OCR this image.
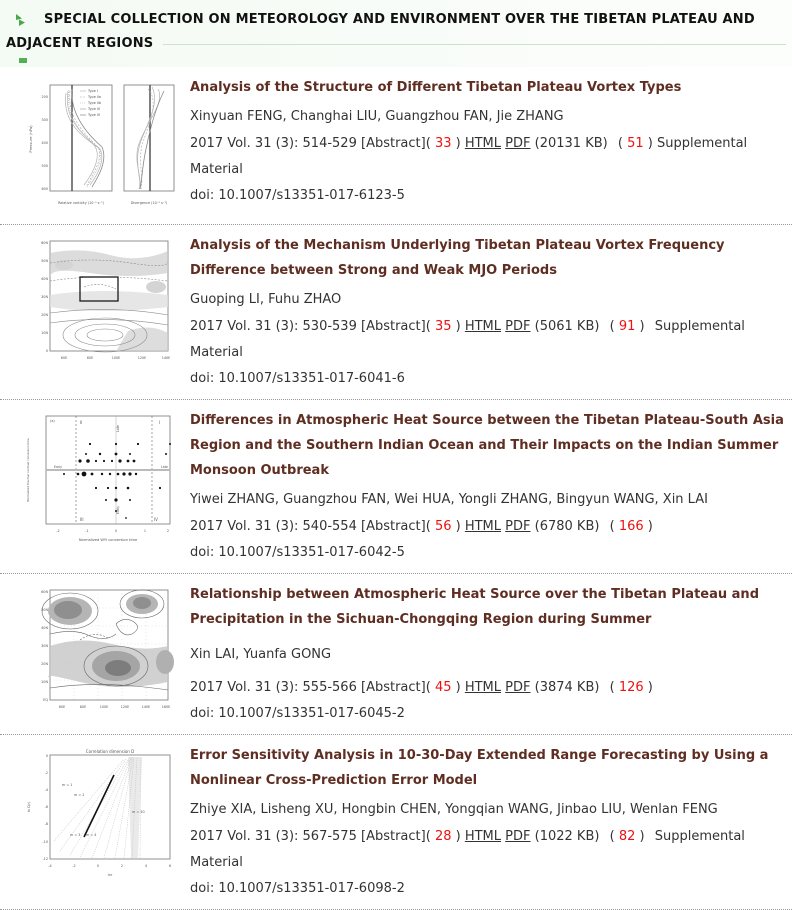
SPECIAL COLLECTION ON METEOROLOGY AND ENVIRONMENT OVER THE TIBETAN PLATEAU AND
ADJACENT REGIONS
Type I
Type IIa
Type IIb
Type III
Type IV
200
300
400
500
600
Pressure (hPa)
Relative vorticity (10⁻⁵ s⁻¹)	Divergence (10⁻⁵ s⁻¹)
Analysis of the Structure of Different Tibetan Plateau Vortex Types
Xinyuan FENG, Changhai LIU, Guangzhou FAN, Jie ZHANG
2017 Vol. 31 (3): 514-529 [Abstract]( 33 ) HTML PDF (20131 KB) ( 51 ) Supplemental Material
doi: 10.1007/s13351-017-6123-5
60N
50N
40N
30N
20N
10N
0
60E	80E	100E	120E	140E
Analysis of the Mechanism Underlying Tibetan Plateau Vortex Frequency Difference between Strong and Weak MJO Periods
Guoping LI, Fuhu ZHAO
2017 Vol. 31 (3): 530-539 [Abstract]( 35 ) HTML PDF (5061 KB) ( 91 ) Supplemental Material
doi: 10.1007/s13351-017-6041-6
II	I
III	IV
(a)
Early	Late
Late
Early
-2	-1	0	1	2
Normalized WYI conversion time
Normalized thermal contrast conversion time
Differences in Atmospheric Heat Source between the Tibetan Plateau-South Asia Region and the Southern Indian Ocean and Their Impacts on the Indian Summer Monsoon Outbreak
Yiwei ZHANG, Guangzhou FAN, Wei HUA, Yongli ZHANG, Bingyun WANG, Xin LAI
2017 Vol. 31 (3): 540-554 [Abstract]( 56 ) HTML PDF (6780 KB) ( 166 )
doi: 10.1007/s13351-017-6042-5
60N
50N
40N
30N
20N
10N
EQ
60E	80E	100E	120E	140E	160E
Relationship between Atmospheric Heat Source over the Tibetan Plateau and Precipitation in the Sichuan-Chongqing Region during Summer
Xin LAI, Yuanfa GONG
2017 Vol. 31 (3): 555-566 [Abstract]( 45 ) HTML PDF (3874 KB) ( 126 )
doi: 10.1007/s13351-017-6045-2
Correlation dimension D
m = 1
m = 2
m = 3 m = 4
m = 30
0
-2
-4
-6
-8
-10
-12
-4	-2	0	2	4	6
lnr
ln C(r)
Error Sensitivity Analysis in 10-30-Day Extended Range Forecasting by Using a Nonlinear Cross-Prediction Error Model
Zhiye XIA, Lisheng XU, Hongbin CHEN, Yongqian WANG, Jinbao LIU, Wenlan FENG
2017 Vol. 31 (3): 567-575 [Abstract]( 28 ) HTML PDF (1022 KB) ( 82 ) Supplemental Material
doi: 10.1007/s13351-017-6098-2
